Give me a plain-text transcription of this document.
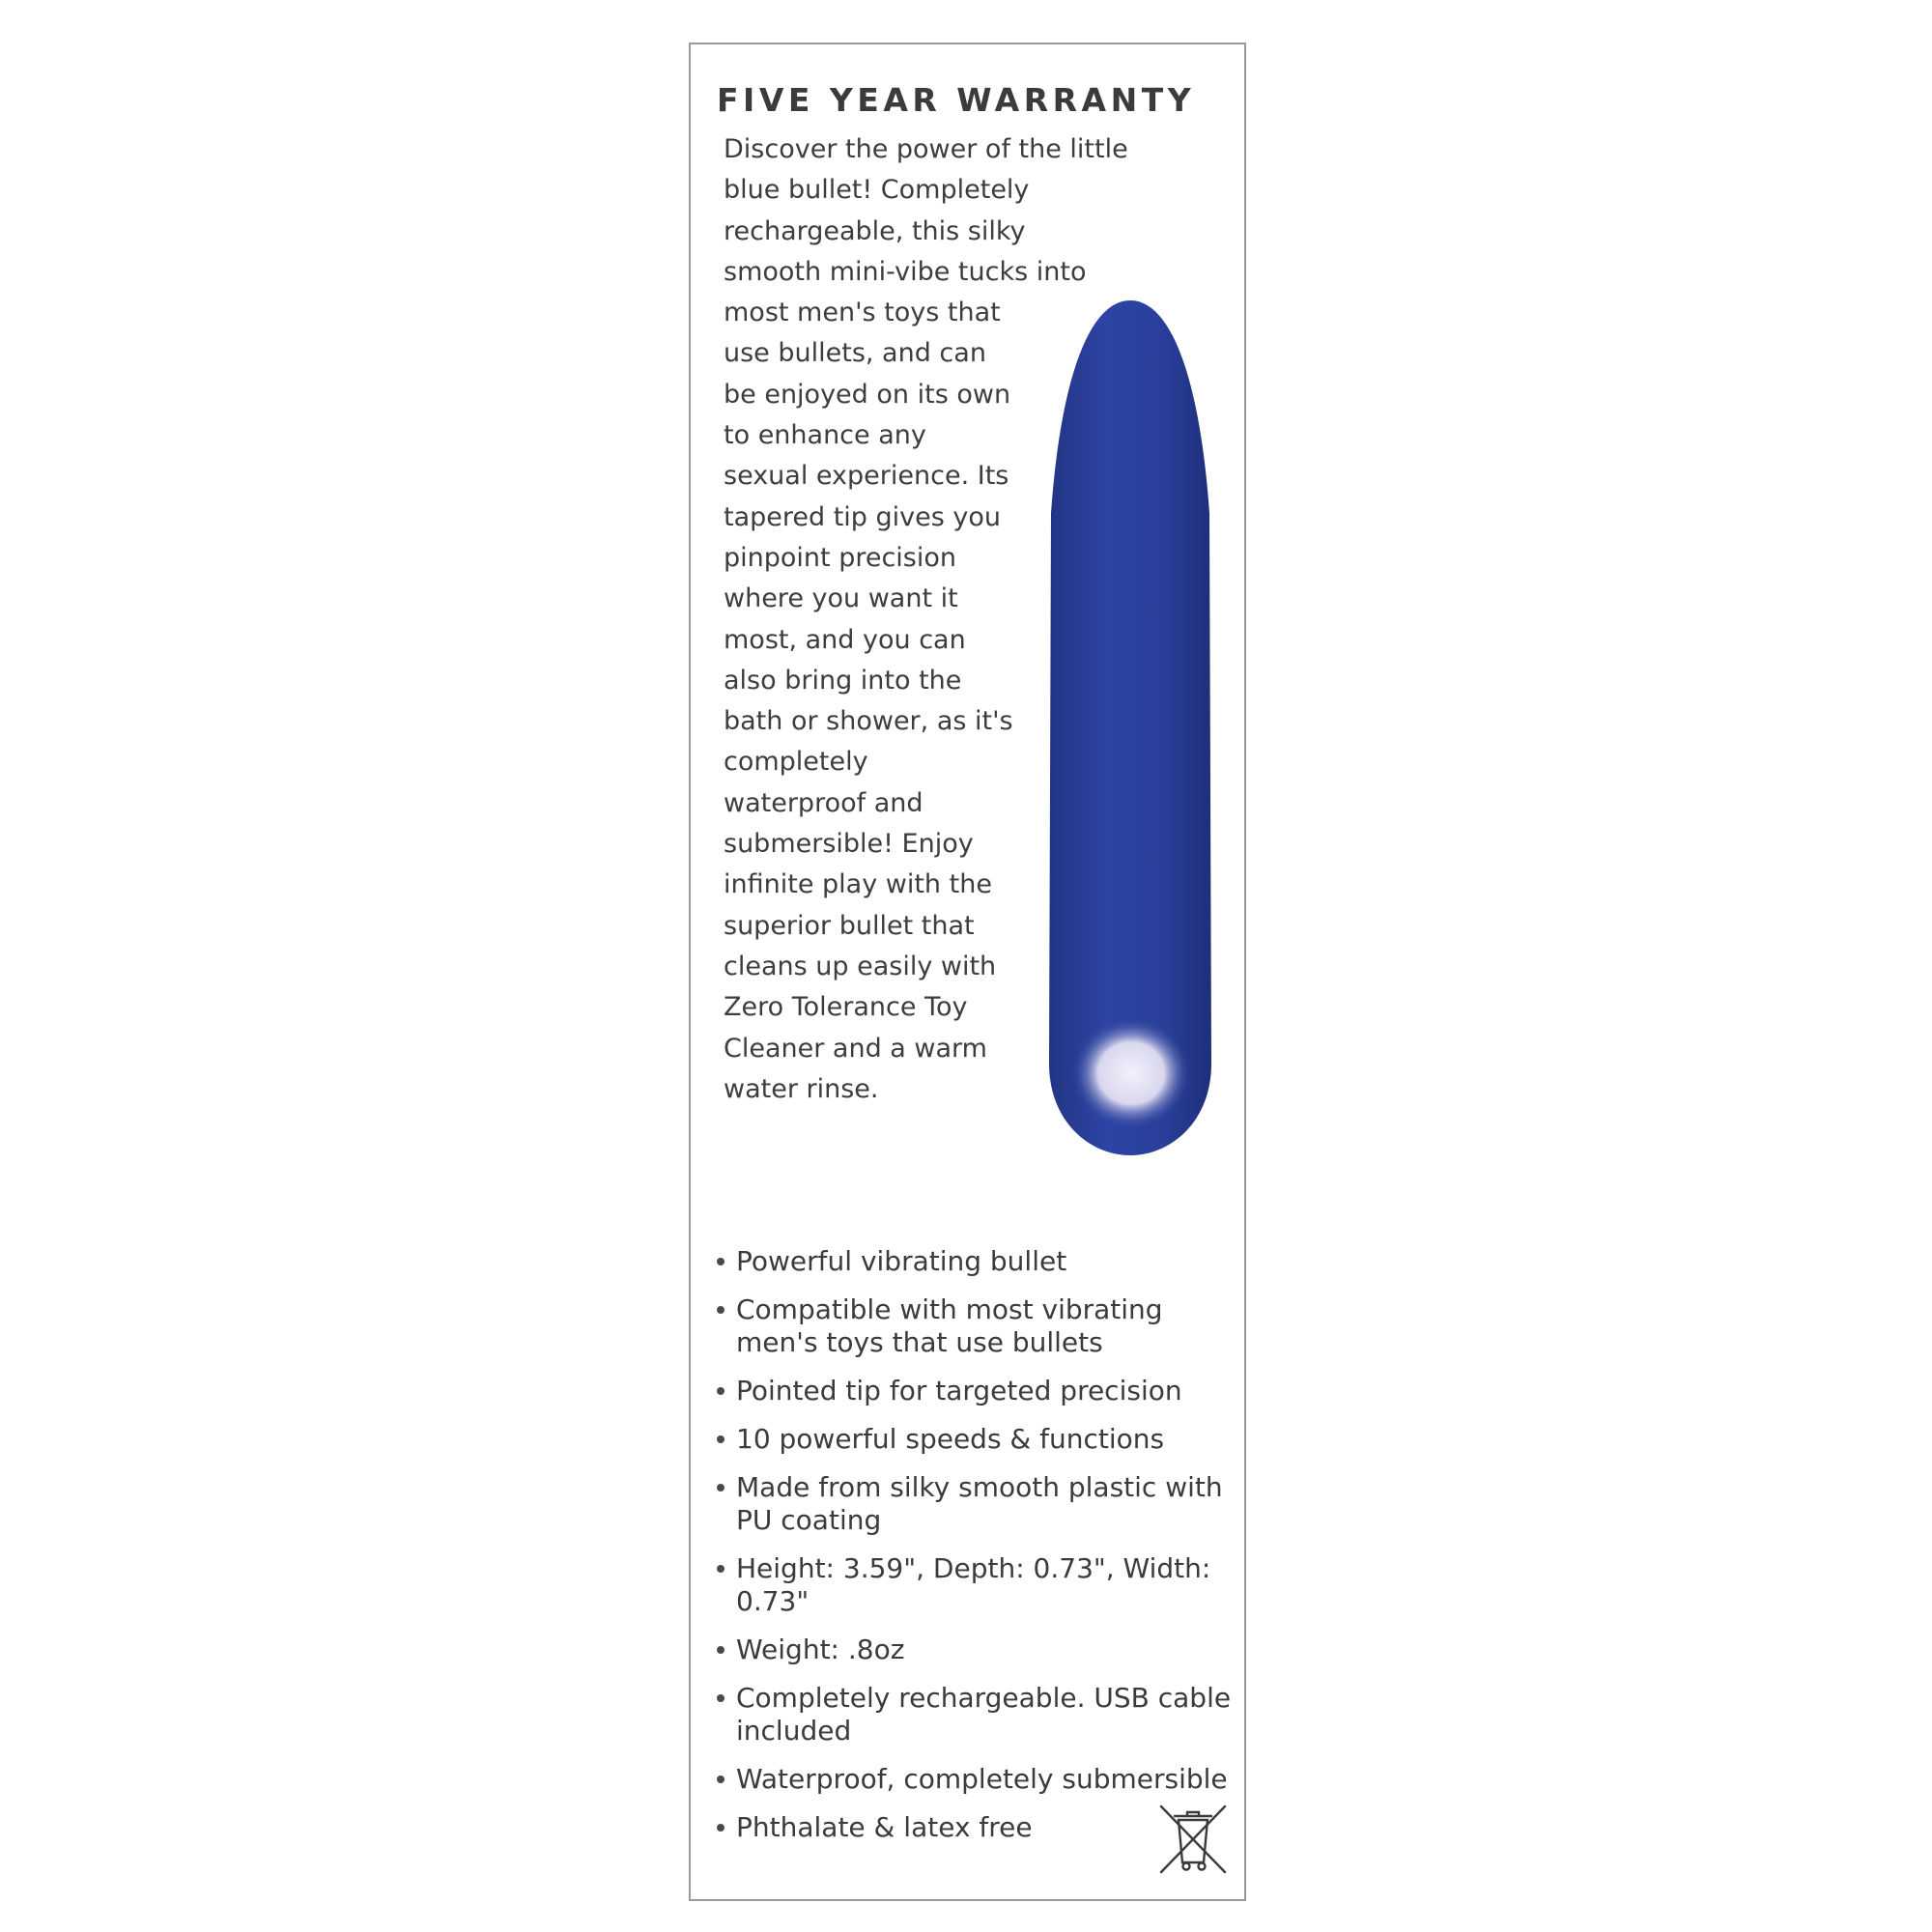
FIVE YEAR WARRANTY
Discover the power of the little blue bullet! Completely rechargeable, this silky smooth mini-vibe tucks into most men's toys that use bullets, and can be enjoyed on its own to enhance any sexual experience. Its tapered tip gives you pinpoint precision where you want it most, and you can also bring into the bath or shower, as it's completely waterproof and submersible! Enjoy infinite play with the superior bullet that cleans up easily with Zero Tolerance Toy Cleaner and a warm water rinse.
Powerful vibrating bullet
Compatible with most vibrating men's toys that use bullets
Pointed tip for targeted precision
10 powerful speeds & functions
Made from silky smooth plastic with PU coating
Height: 3.59", Depth: 0.73", Width: 0.73"
Weight: .8oz
Completely rechargeable. USB cable included
Waterproof, completely submersible
Phthalate & latex free
